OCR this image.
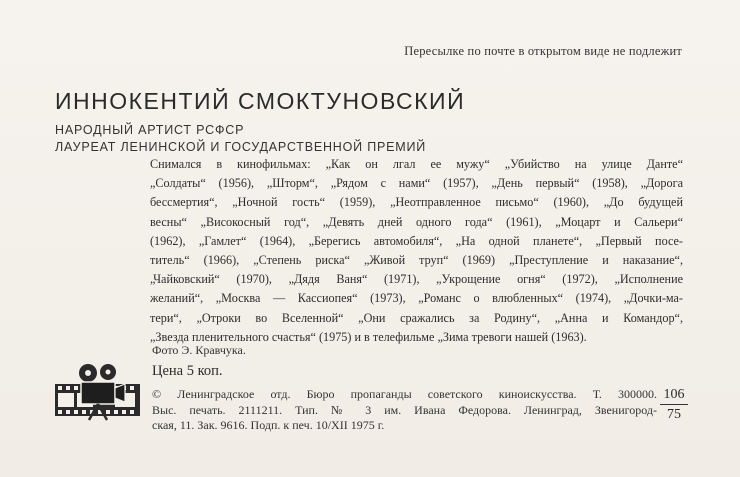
Пересылке по почте в открытом виде не подлежит
ИННОКЕНТИЙ СМОКТУНОВСКИЙ
НАРОДНЫЙ АРТИСТ РСФСР
ЛАУРЕАТ ЛЕНИНСКОЙ И ГОСУДАРСТВЕННОЙ ПРЕМИЙ
Снимался в кинофильмах: „Как он лгал ее мужу“ „Убийство на улице Данте“
„Солдаты“ (1956), „Шторм“, „Рядом с нами“ (1957), „День первый“ (1958), „Дорога
бессмертия“, „Ночной гость“ (1959), „Неотправленное письмо“ (1960), „До будущей
весны“ „Високосный год“, „Девять дней одного года“ (1961), „Моцарт и Сальери“
(1962), „Гамлет“ (1964), „Берегись автомобиля“, „На одной планете“, „Первый посе-
титель“ (1966), „Степень риска“ „Живой труп“ (1969) „Преступление и наказание“,
„Чайковский“ (1970), „Дядя Ваня“ (1971), „Укрощение огня“ (1972), „Исполнение
желаний“, „Москва — Кассиопея“ (1973), „Романс о влюбленных“ (1974), „Дочки-ма-
тери“, „Отроки во Вселенной“ „Они сражались за Родину“, „Анна и Командор“,
„Звезда пленительного счастья“ (1975) и в телефильме „Зима тревоги нашей (1963).
Фото Э. Кравчука.
Цена 5 коп.
© Ленинградское отд. Бюро пропаганды советского киноискусства. Т. 300000.
Выс. печать. 2111211. Тип. № 3 им. Ивана Федорова. Ленинград, Звенигород-
ская, 11. Зак. 9616. Подп. к печ. 10/XII 1975 г.
$\frac{106}{75}$
